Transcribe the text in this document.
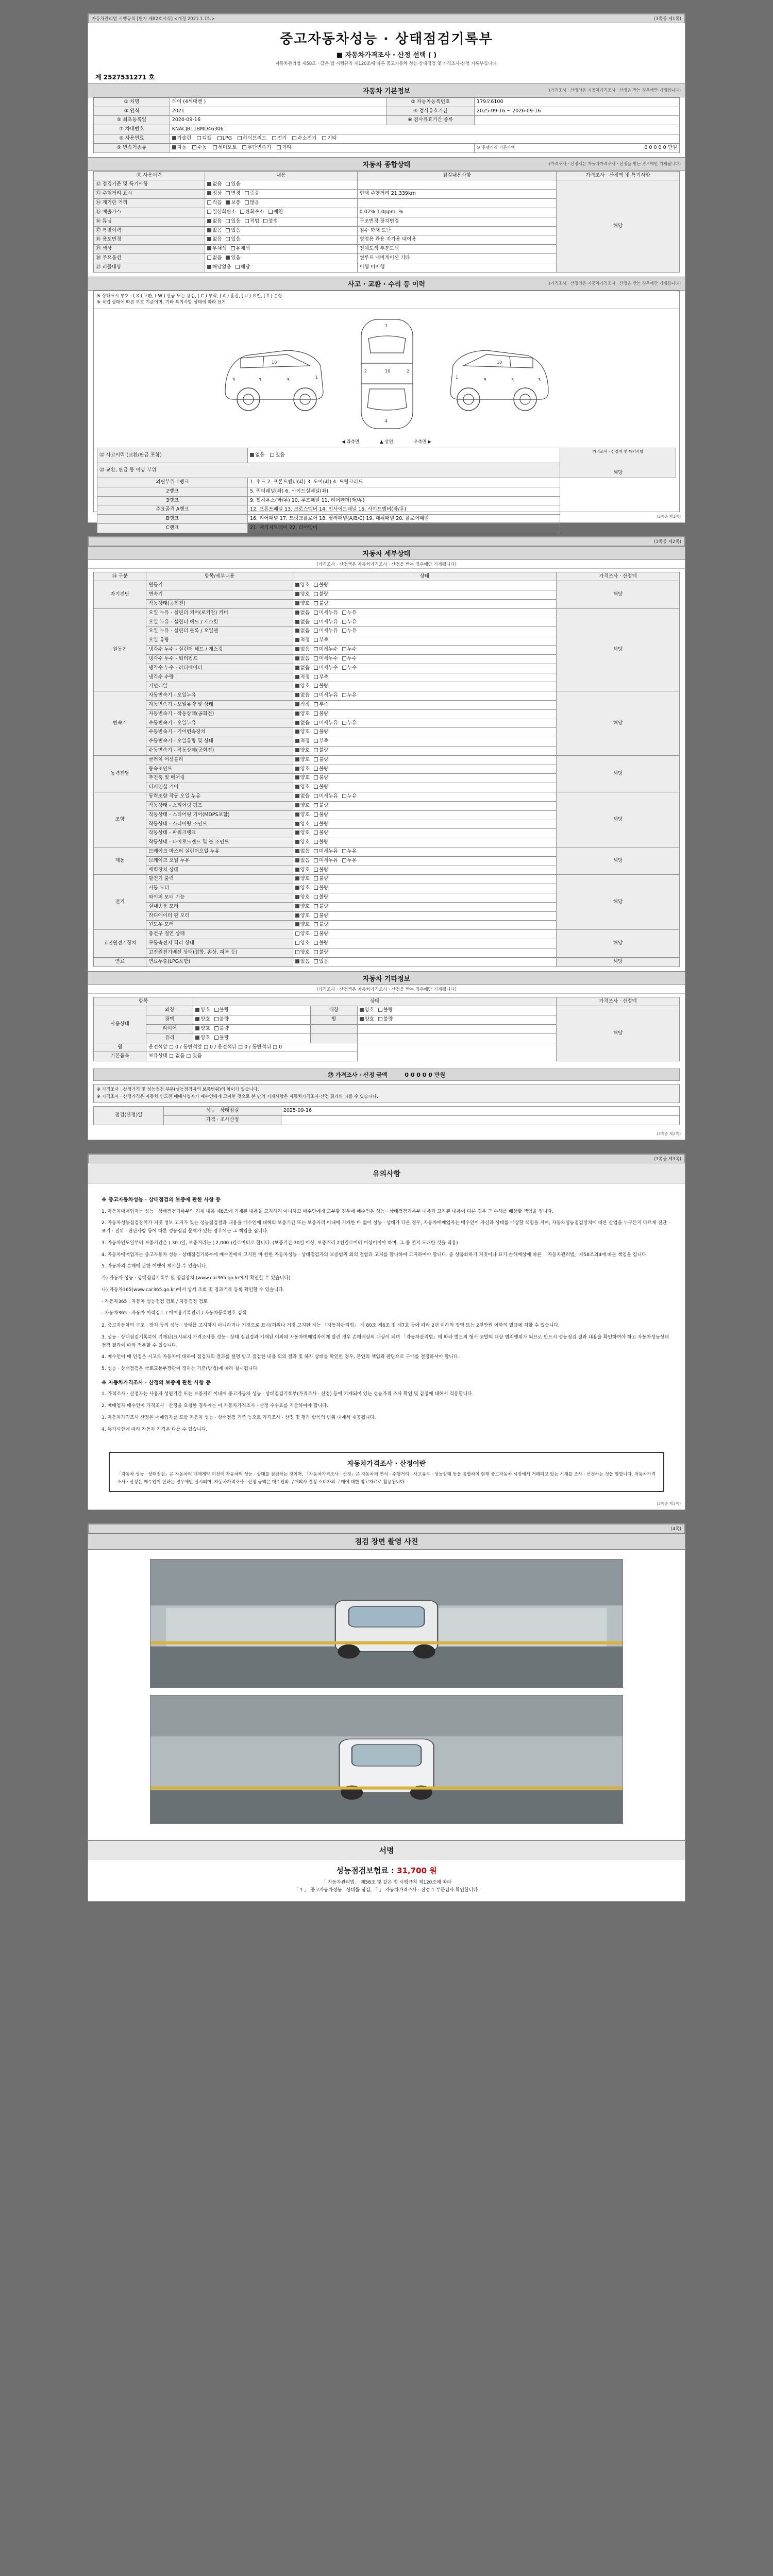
자동차관리법 시행규칙 [별지 제82호서식] <개정 2021.1.15.>	(3쪽중 제1쪽)
중고자동차성능 · 상태점검기록부
■ 자동차가격조사 · 산정 선택 ( )
자동차관리법 제58조 · 같은 법 시행규칙 제120조에 따른 중고자동차 성능·상태점검 및 가격조사·산정 기록부입니다.
제 2527531271 호
자동차 기본정보	(가격조사 · 산정액은 자동차가격조사 · 산정을 받는 경우에만 기재됩니다)
① 차명	레이 (4세대밴 )	② 자동차등록번호	179오6100
③ 연식	2021	④ 검사유효기간	2025-09-16 ~ 2026-09-16
⑤ 최초등록일	2020-09-16	⑥ 검사유효기간 종류	
⑦ 차대번호	KNACJB11BMD46306		
⑧ 사용연료	가솔린 디젤 LPG 하이브리드 전기 수소전기 기타		
⑨ 변속기종류	자동 수동 세미오토 무단변속기 기타		⑩ 주행거리 기준가액 0 0 0 0 0 만원
자동차 종합상태	(가격조사 · 산정액은 자동차가격조사 · 산정을 받는 경우에만 기재됩니다)
⑪ 사용이력	내용	점검내용사항	가격조사 · 산정액 및 특기사항
⑫ 점검기준 및 특기사항	없음 있음		해당
⑬ 주행거리 표시	정상 변경 증감	현재 주행거리 21,339km	
⑭ 계기판 거리	적음 보통 많음		
⑮ 배출가스	일산화탄소 탄화수소 매연	0.07% 1.0ppm. %	
⑯ 튜닝	없음 있음 적법 불법	구조변경 장치변경	
⑰ 특별이력	없음 있음	침수 화재 도난	
⑱ 용도변경	없음 있음	영업용 관용 자가용 대여용	
⑲ 색상	무채색 유채색	전체도색 부분도색	
⑳ 주요옵션	없음 있음	썬루프 내비게이션 기타	
㉑ 리콜대상	해당없음 해당	이행 미이행	
사고 · 교환 · 수리 등 이력	(가격조사 · 산정액은 자동차가격조사 · 산정을 받는 경우에만 기재됩니다)
※ 상태표시 부호 : ( X ) 교환, ( W ) 판금 또는 용접, ( C ) 부식, ( A ) 흠집, ( U ) 요철, ( T ) 손상
※ 작업 상태에 따른 부호 기준이며, 기타 특이사항 상태에 따라 표기
3	3	5
1
10
1
10
4
2	2
3
3
5
1
10
◀ 좌측면	▲ 상면	우측면 ▶
㉒ 사고이력 (교환/판금 포함)	없음 있음	가격조사 · 산정액 및 특기사항
해당

㉓ 교환, 판금 등 이상 부위		
외판부위 1랭크	1. 후드 2. 프론트펜더(좌) 3. 도어(좌) 4. 트렁크리드	
2랭크	5. 쿼터패널(좌) 6. 사이드실패널(좌)	
3랭크	9. 휠하우스(좌/우) 10. 루프패널 11. 리어펜더(좌/우)	
주요골격 A랭크	12. 프론트패널 13. 크로스멤버 14. 인사이드패널 15. 사이드멤버(좌/우)	
B랭크	16. 리어패널 17. 트렁크플로어 18. 필러패널(A/B/C) 19. 대쉬패널 20. 플로어패널	
C랭크	21. 패키지트레이 22. 리어멤버	
(3쪽중 제1쪽)

(3쪽중 제2쪽)
자동차 세부상태
(가격조사 · 산정액은 자동차가격조사 · 산정을 받는 경우에만 기재됩니다)
㉔ 구분	항목/세부내용	상태	가격조사 · 산정액
자기진단	원동기	양호 불량	해당
	변속기	양호 불량	
	작동상태(공회전)	양호 불량	
원동기	오일 누유 - 실린더 커버(로커암) 커버	없음 미세누유 누유	해당
	오일 누유 - 실린더 헤드 / 개스킷	없음 미세누유 누유	
	오일 누유 - 실린더 블록 / 오일팬	없음 미세누유 누유	
	오일 유량	적정 부족	
	냉각수 누수 - 실린더 헤드 / 개스킷	없음 미세누수 누수	
	냉각수 누수 - 워터펌프	없음 미세누수 누수	
	냉각수 누수 - 라디에이터	없음 미세누수 누수	
	냉각수 수량	적정 부족	
	커먼레일	양호 불량	
변속기	자동변속기 - 오일누유	없음 미세누유 누유	해당
	자동변속기 - 오일유량 및 상태	적정 부족	
	자동변속기 - 작동상태(공회전)	양호 불량	
	수동변속기 - 오일누유	없음 미세누유 누유	
	수동변속기 - 기어변속장치	양호 불량	
	수동변속기 - 오일유량 및 상태	적정 부족	
	수동변속기 - 작동상태(공회전)	양호 불량	
동력전달	클러치 어셈블리	양호 불량	해당
	등속조인트	양호 불량	
	추진축 및 베어링	양호 불량	
	디퍼렌셜 기어	양호 불량	
조향	동력조향 작동 오일 누유	없음 미세누유 누유	해당
	작동상태 - 스티어링 펌프	양호 불량	
	작동상태 - 스티어링 기어(MDPS포함)	양호 불량	
	작동상태 - 스티어링 조인트	양호 불량	
	작동상태 - 파워크랭크	양호 불량	
	작동상태 - 타이로드엔드 및 볼 조인트	양호 불량	
제동	브레이크 마스터 실린더오일 누유	없음 미세누유 누유	해당
	브레이크 오일 누유	없음 미세누유 누유	
	배력장치 상태	양호 불량	
전기	발전기 출력	양호 불량	해당
	시동 모터	양호 불량	
	와이퍼 모터 기능	양호 불량	
	실내송풍 모터	양호 불량	
	라디에이터 팬 모터	양호 불량	
	윈도우 모터	양호 불량	
고전원전기장치	충전구 절연 상태	양호 불량	해당
	구동축전지 격리 상태	양호 불량	
	고전원전기배선 상태(접합, 손상, 피복 등)	양호 불량	
연료	연료누출(LPG포함)	없음 있음	해당
자동차 기타정보
(가격조사 · 산정액은 자동차가격조사 · 산정을 받는 경우에만 기재됩니다)
항목		상태			가격조사 · 산정액
사용상태	외장	양호 불량	내장	양호 불량	해당
	광택	양호 불량	휠	양호 불량	
	타이어	양호 불량			
	유리	양호 불량			
휠	운전석앞 □ 0 / 동반석앞 □ 0 / 운전석뒤 □ 0 / 동반석뒤 □ 0				
기본품목	보유상태 □ 없음 □ 있음				
㉕ 가격조사 · 산정 금액	0 0 0 0 0 만원
※ 가격조사 · 산정가격 및 성능점검 부분(성능점검자의 보증범위)의 차이가 있습니다.
※ 가격조사 · 산정가격은 자동차 인도전 매매사업자가 매수인에게 고지한 것으로 본 난의 기재사항은 자동차가격조사·산정 결과와 다를 수 있습니다.
점검(산정)일	성능 · 상태점검	2025-09-16
	가격 · 조사산정	
(3쪽중 제2쪽)

(3쪽중 제3쪽)
유의사항
※ 중고자동차성능 · 상태점검의 보증에 관한 사항 등

1. 자동차매매업자는 성능 · 상태점검기록부의 기재 내용 제8조에 기재된 내용을 고지하지 아니하고 매수인에게 교부할 경우에 매수인은 성능 · 상태점검기록부 내용과 고지된 내용이 다른 경우 그 손해를 배상할 책임을 집니다.

2. 자동차성능점검장치가 거짓 정보 고지가 있는 성능점검결과 내용을 매수인에 대해의 보증기간 또는 보증거리 이내에 기재한 바 없이 성능 · 상태가 다른 경우, 자동차매매업자는 매수인이 자신과 상태를 배상할 책임을 지며, 자동차성능점검장치에 따른 산업을 누구든지 다르게 진단 · 표기 · 진위 · 판단사항 등에 따른 성능점검 문제가 있는 경우에는 그 책임을 집니다.

3. 자동차인도일부터 보증기간은 ( 30 )일, 보증거리는 ( 2,000 )킬로미터로 합니다. (보증기간 30일 이상, 보증거리 2천킬로미터 이상이어야 하며, 그 중 먼저 도래한 것을 적용)

4. 자동차매매업자는 중고자동차 성능 · 상태점검기록부에 매수인에게 고지된 바 한한 자동차성능 · 상태점검자의 보증범위 외의 결함과 고지를 합니하여 고지하여야 합니다. 중 상품화하기 거짓이나 표기·손해배상에 따른 「자동차관리법」제58조의4에 따른 책임을 집니다.

5. 자동차의 손해에 관한 이행이 제기할 수 있습니다.

가) 자동차 성능 · 상태점검기록부 및 점검장치 (www.car365.go.kr에서 확인할 수 있습니다)

나) 자동차365(www.car365.go.kr)에서 상세 조회 및 경과기록 등록 확인할 수 있습니다.

- 자동차365 : 자동차 성능점검 검토 / 자동검정 검토

- 자동차365 : 자동차 이력검토 / 매매용기록관리 / 자동차등록번호 검색

2. 중고자동차의 구조 · 장치 등의 성능 · 상태를 고지하지 아니하거나 거짓으로 표시(허위나 거짓 고지한 자는 「자동차관리법」 제 80조 제6조 및 제7호 등에 따라 2년 이하의 징역 또는 2천만원 이하의 벌금에 처할 수 있습니다.

3. 성능 · 상태점검기록부에 기재된(표시되지 가격조사를 성능 · 상태 점검결과 기재된 이외의 자동차매매업자에게 알린 경우 손해배상의 대상이 되며 「자동차관리법」에 따라 별도의 형사 고발의 대상 범죄행위가 되므로 반드시 성능점검 결과 내용을 확인하여야 하고 자동차성능상태점검 결과에 따라 적용할 수 있습니다.

4. 매수인이 매 인정은 시고로 자동차에 대하여 점검자의 결과를 설명 받고 점검한 내용 외의 결과 및 하자 상태를 확인한 경우, 본인의 책임과 판단으로 구매를 결정하셔야 합니다.

5. 성능 · 상태점검은 국토교통부장관이 정하는 기준(방법)에 따라 실시됩니다.

※ 자동차가격조사 · 산정의 보증에 관한 사항 등

1. 가격조사 · 산정자는 사용자 성립기간 또는 보증거리 이내에 중고자동차 성능 · 상태점검기록부(가격조사 · 산정) 등에 기재되어 있는 성능가격 조사 확인 및 감정에 대해서 적용합니다.

2. 매매업자 매수인이 가격조사 · 산정을 요청한 경우에는 이 자동차가격조사 · 산정 수수료를 지급하여야 합니다.

3. 자동차가격조사 산정은 매매업자를 포함 자동차 성능 · 상태점검 기준 등으로 가격조사 · 산정 및 평가 항목의 범위 내에서 제공됩니다.

4. 특기사항에 따라 자동차 가격은 다를 수 있습니다.

자동차가격조사 · 산정이란
「자동차 성능 · 상태점검」은 자동차의 매매계약 이전에 자동차의 성능 · 상태를 점검하는 것이며, 「자동차가격조사 · 산정」은 자동차의 연식 · 주행거리 · 사고유무 · 성능상태 등을 종합하여 현재 중고자동차 시장에서 거래되고 있는 시세를 조사 · 산정하는 것을 말합니다. 자동차가격조사 · 산정은 매수인이 원하는 경우에만 실시되며, 자동차가격조사 · 산정 금액은 매수인의 구매의사 결정 소비자의 구매에 대한 참고자료로 활용됩니다.
(3쪽중 제3쪽)

(4쪽)
점검 장면 촬영 사진
서명
성능점검보험료 : 31,700 원
「 자동차관리법」 제58조 및 같은 법 시행규칙 제120조에 따라
「 1 」 중고자동차성능 · 상태를 점검, 「 」 자동차가격조사 · 산정 1 부문검사 확인합니다.
